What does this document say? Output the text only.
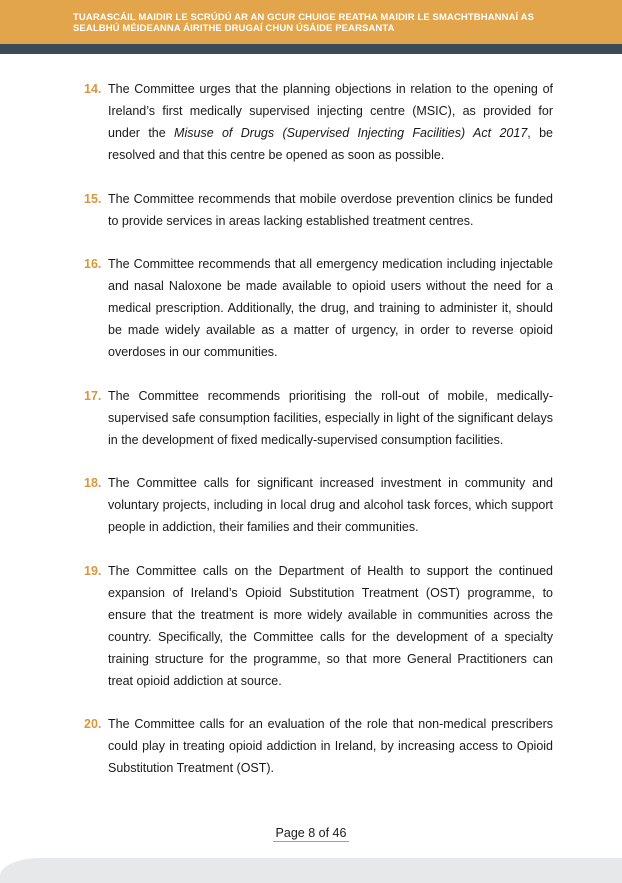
TUARASCÁIL MAIDIR LE SCRÚDÚ AR AN GCUR CHUIGE REATHA MAIDIR LE SMACHTBHANNAÍ AS
SEALBHÚ MÉIDEANNA ÁIRITHE DRUGAÍ CHUN ÚSÁIDE PEARSANTA
14. The Committee urges that the planning objections in relation to the opening of Ireland’s first medically supervised injecting centre (MSIC), as provided for under the Misuse of Drugs (Supervised Injecting Facilities) Act 2017, be resolved and that this centre be opened as soon as possible.
15. The Committee recommends that mobile overdose prevention clinics be funded to provide services in areas lacking established treatment centres.
16. The Committee recommends that all emergency medication including injectable and nasal Naloxone be made available to opioid users without the need for a medical prescription. Additionally, the drug, and training to administer it, should be made widely available as a matter of urgency, in order to reverse opioid overdoses in our communities.
17. The Committee recommends prioritising the roll-out of mobile, medically-supervised safe consumption facilities, especially in light of the significant delays in the development of fixed medically-supervised consumption facilities.
18. The Committee calls for significant increased investment in community and voluntary projects, including in local drug and alcohol task forces, which support people in addiction, their families and their communities.
19. The Committee calls on the Department of Health to support the continued expansion of Ireland’s Opioid Substitution Treatment (OST) programme, to ensure that the treatment is more widely available in communities across the country. Specifically, the Committee calls for the development of a specialty training structure for the programme, so that more General Practitioners can treat opioid addiction at source.
20. The Committee calls for an evaluation of the role that non-medical prescribers could play in treating opioid addiction in Ireland, by increasing access to Opioid Substitution Treatment (OST).
Page 8 of 46
